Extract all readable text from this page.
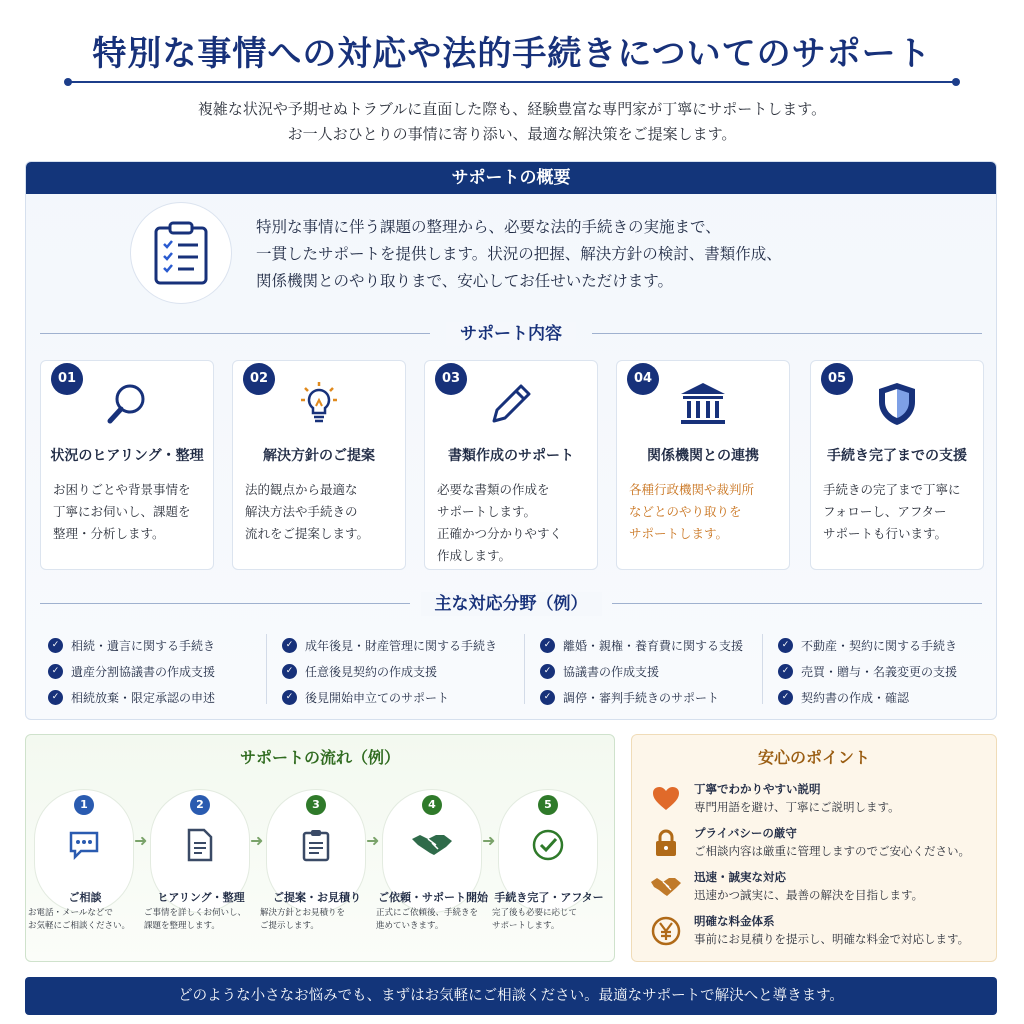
特別な事情への対応や法的手続きについてのサポート
複雑な状況や予期せぬトラブルに直面した際も、経験豊富な専門家が丁寧にサポートします。
お一人おひとりの事情に寄り添い、最適な解決策をご提案します。
サポートの概要
特別な事情に伴う課題の整理から、必要な法的手続きの実施まで、
一貫したサポートを提供します。状況の把握、解決方針の検討、書類作成、
関係機関とのやり取りまで、安心してお任せいただけます。
サポート内容
01
状況のヒアリング・整理
お困りごとや背景事情を
丁寧にお伺いし、課題を
整理・分析します。
02
解決方針のご提案
法的観点から最適な
解決方法や手続きの
流れをご提案します。
03
書類作成のサポート
必要な書類の作成を
サポートします。
正確かつ分かりやすく
作成します。
04
関係機関との連携
各種行政機関や裁判所
などとのやり取りを
サポートします。
05
手続き完了までの支援
手続きの完了まで丁寧に
フォローし、アフター
サポートも行います。
主な対応分野（例）
✓ 相続・遺言に関する手続き
✓ 遺産分割協議書の作成支援
✓ 相続放棄・限定承認の申述
✓ 成年後見・財産管理に関する手続き
✓ 任意後見契約の作成支援
✓ 後見開始申立てのサポート
✓ 離婚・親権・養育費に関する支援
✓ 協議書の作成支援
✓ 調停・審判手続きのサポート
✓ 不動産・契約に関する手続き
✓ 売買・贈与・名義変更の支援
✓ 契約書の作成・確認
サポートの流れ（例）
1
ご相談
お電話・メールなどで
お気軽にご相談ください。
➜
2
ヒアリング・整理
ご事情を詳しくお伺いし、
課題を整理します。
➜
3
ご提案・お見積り
解決方針とお見積りを
ご提示します。
➜
4
ご依頼・サポート開始
正式にご依頼後、手続きを
進めていきます。
➜
5
手続き完了・アフター
完了後も必要に応じて
サポートします。
安心のポイント
丁寧でわかりやすい説明
専門用語を避け、丁寧にご説明します。
プライバシーの厳守
ご相談内容は厳重に管理しますのでご安心ください。
迅速・誠実な対応
迅速かつ誠実に、最善の解決を目指します。
明確な料金体系
事前にお見積りを提示し、明確な料金で対応します。
どのような小さなお悩みでも、まずはお気軽にご相談ください。最適なサポートで解決へと導きます。
